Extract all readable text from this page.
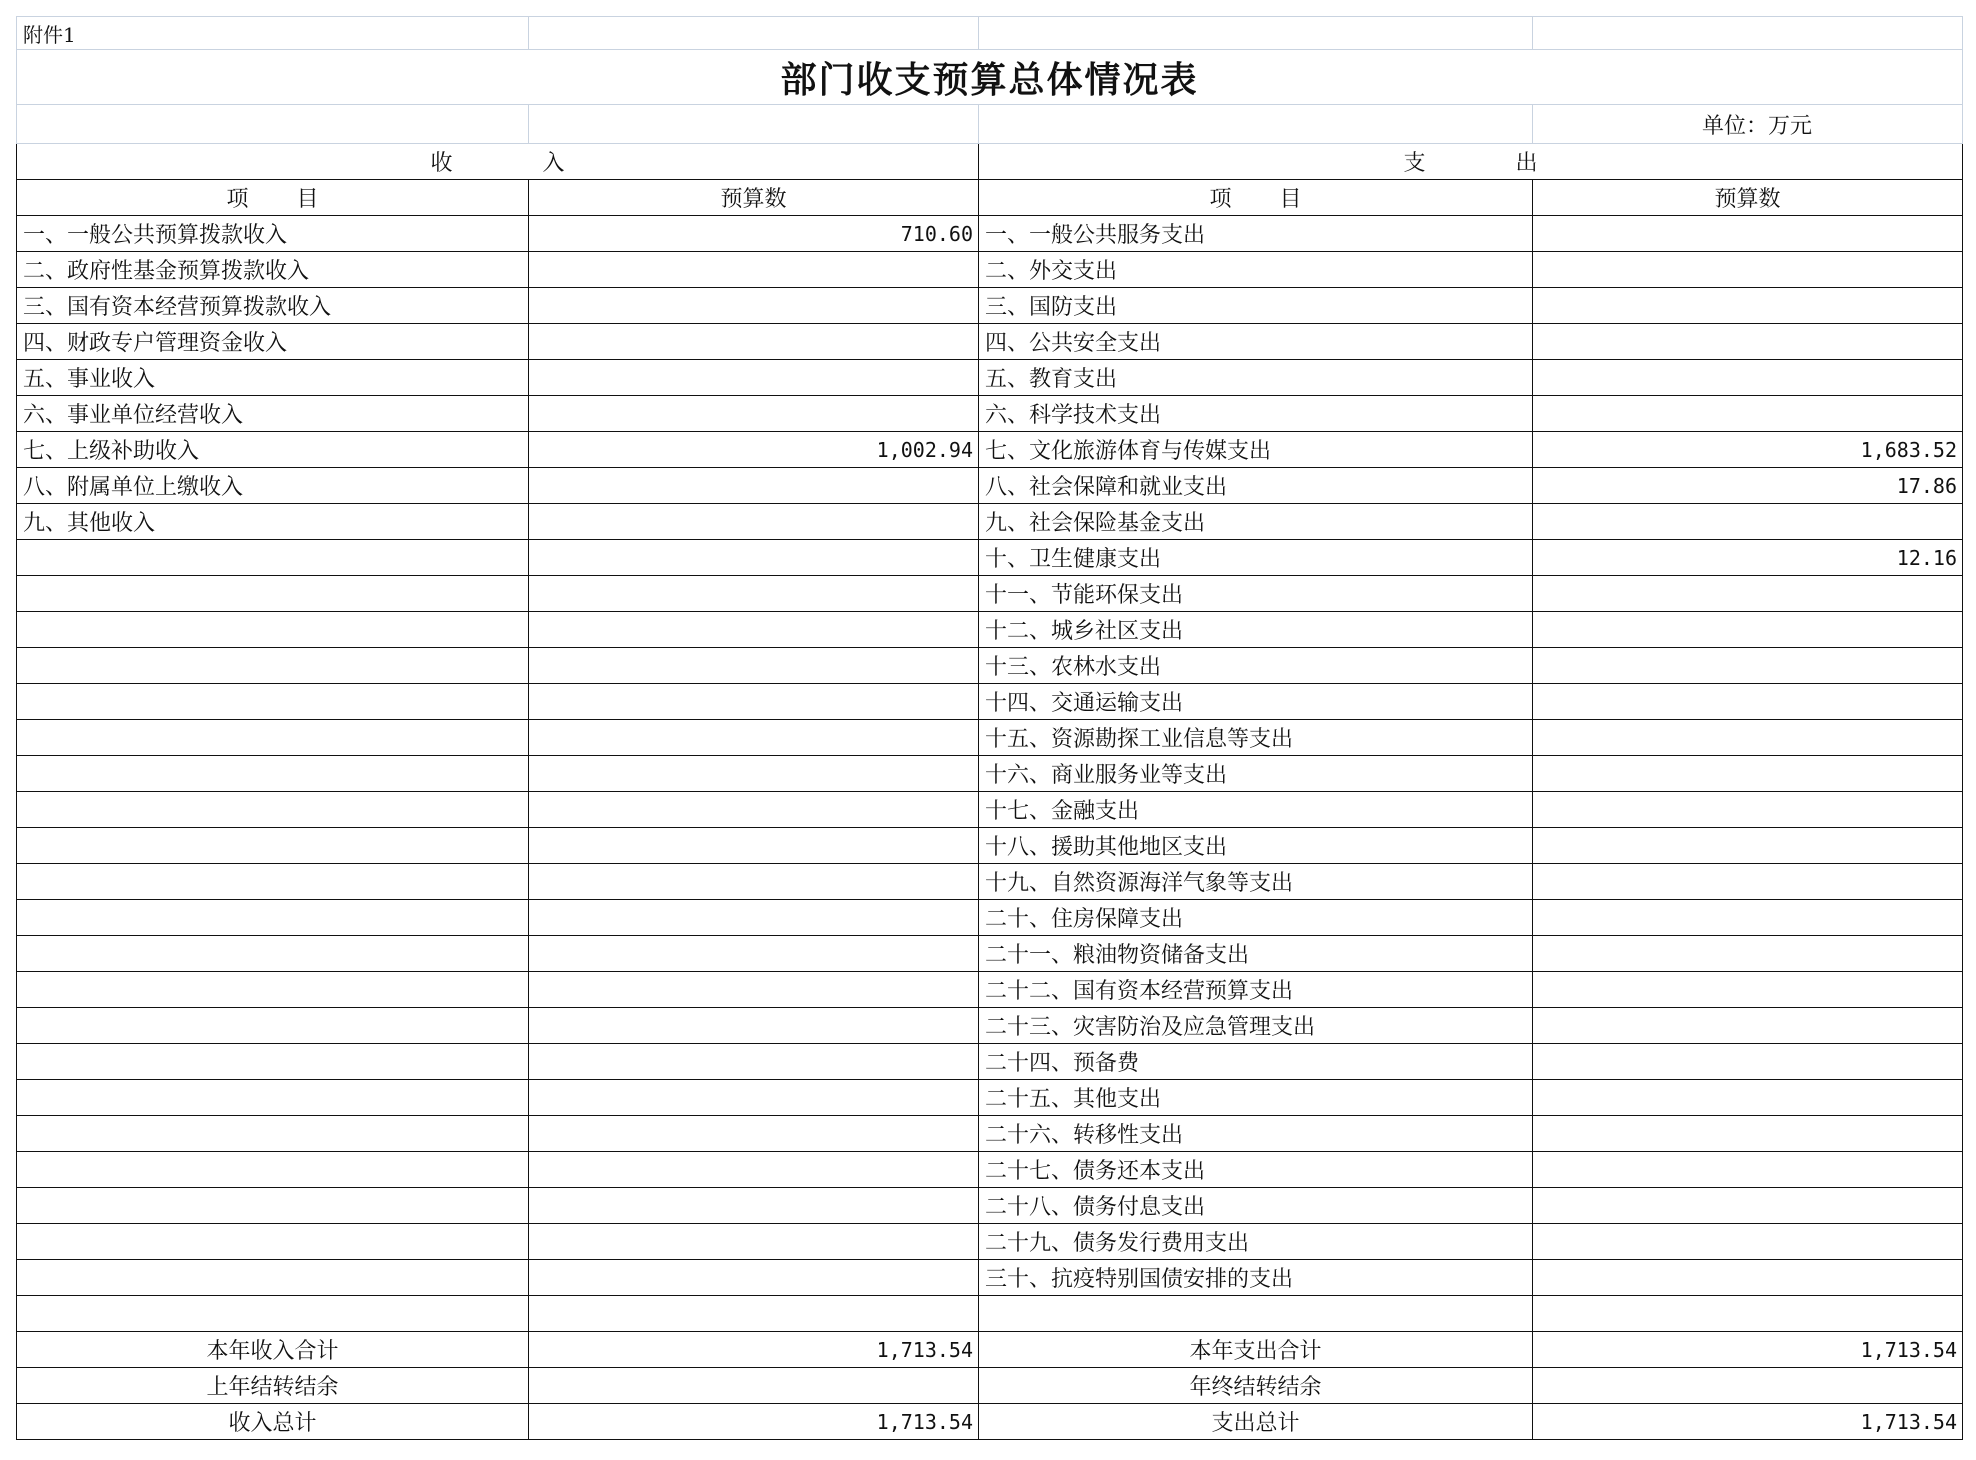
附件1			
部门收支预算总体情况表			
			单位：万元
收 入		支 出	
项 目	预算数	项 目	预算数
一、一般公共预算拨款收入	710.60	一、一般公共服务支出	
二、政府性基金预算拨款收入		二、外交支出	
三、国有资本经营预算拨款收入		三、国防支出	
四、财政专户管理资金收入		四、公共安全支出	
五、事业收入		五、教育支出	
六、事业单位经营收入		六、科学技术支出	
七、上级补助收入	1,002.94	七、文化旅游体育与传媒支出	1,683.52
八、附属单位上缴收入		八、社会保障和就业支出	17.86
九、其他收入		九、社会保险基金支出	
		十、卫生健康支出	12.16
		十一、节能环保支出	
		十二、城乡社区支出	
		十三、农林水支出	
		十四、交通运输支出	
		十五、资源勘探工业信息等支出	
		十六、商业服务业等支出	
		十七、金融支出	
		十八、援助其他地区支出	
		十九、自然资源海洋气象等支出	
		二十、住房保障支出	
		二十一、粮油物资储备支出	
		二十二、国有资本经营预算支出	
		二十三、灾害防治及应急管理支出	
		二十四、预备费	
		二十五、其他支出	
		二十六、转移性支出	
		二十七、债务还本支出	
		二十八、债务付息支出	
		二十九、债务发行费用支出	
		三十、抗疫特别国债安排的支出	

本年收入合计	1,713.54	本年支出合计	1,713.54
上年结转结余		年终结转结余	
收入总计	1,713.54	支出总计	1,713.54
